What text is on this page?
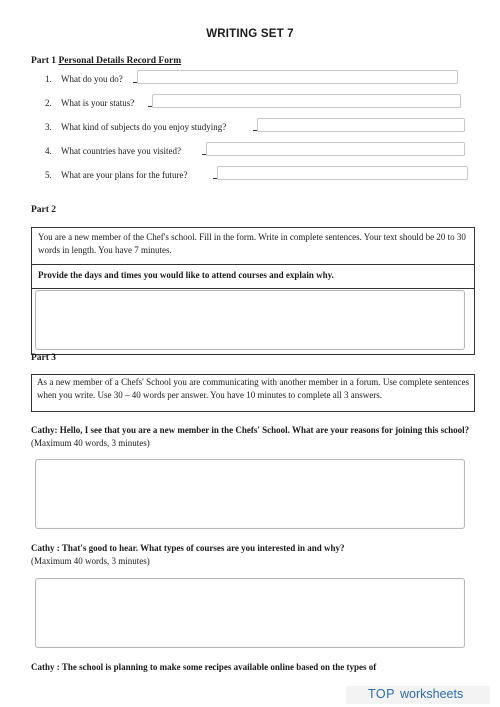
WRITING SET 7
Part 1 Personal Details Record Form
1. What do you do?
2. What is your status?
3. What kind of subjects do you enjoy studying?
4. What countries have you visited?
5. What are your plans for the future?
Part 2
You are a new member of the Chef's school. Fill in the form. Write in complete sentences. Your text should be 20 to 30 words in length. You have 7 minutes.
Provide the days and times you would like to attend courses and explain why.
Part 3
As a new member of a Chefs' School you are communicating with another member in a forum. Use complete sentences when you write. Use 30 – 40 words per answer. You have 10 minutes to complete all 3 answers.
Cathy: Hello, I see that you are a new member in the Chefs' School. What are your reasons for joining this school? (Maximum 40 words, 3 minutes)
Cathy : That's good to hear. What types of courses are you interested in and why?
(Maximum 40 words, 3 minutes)
Cathy : The school is planning to make some recipes available online based on the types of
TOP worksheets
